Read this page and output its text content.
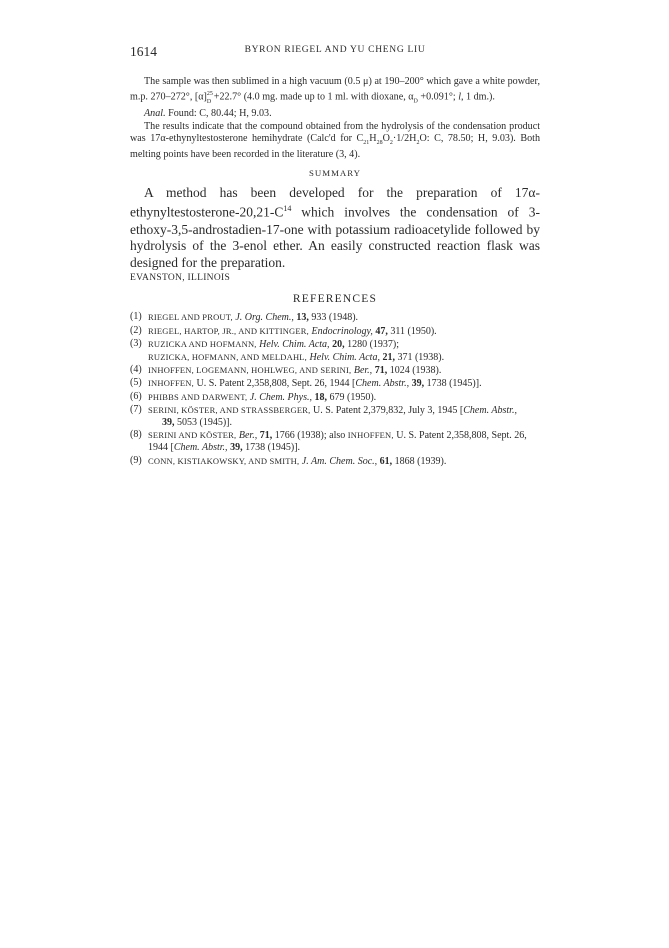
1614	BYRON RIEGEL AND YU CHENG LIU

The sample was then sublimed in a high vacuum (0.5 μ) at 190–200° which gave a white powder, m.p. 270–272°, $[\alpha]^{25}_D +22.7^\circ$ (4.0 mg. made up to 1 ml. with dioxane, $\alpha_D +0.091^\circ$; l, 1 dm.).

Anal. Found: C, 80.44; H, 9.03.

The results indicate that the compound obtained from the hydrolysis of the condensation product was 17α-ethynyltestosterone hemihydrate (Calc'd for $C_{21}H_{28}O_2\cdot 1/2H_2O$: C, 78.50; H, 9.03). Both melting points have been recorded in the literature (3, 4).

SUMMARY

A method has been developed for the preparation of $17\alpha-ethynyltestosterone-20,21-C^{14}$ which involves the condensation of 3-ethoxy-3,5-androstadien-17-one with potassium radioacetylide followed by hydrolysis of the 3-enol ether. An easily constructed reaction flask was designed for the preparation.

EVANSTON, ILLINOIS
REFERENCES
(1) RIEGEL AND PROUT, J. Org. Chem., 13, 933 (1948).
(2) RIEGEL, HARTOP, JR., AND KITTINGER, Endocrinology, 47, 311 (1950).
(3) RUZICKA AND HOFMANN, Helv. Chim. Acta, 20, 1280 (1937);
RUZICKA, HOFMANN, AND MELDAHL, Helv. Chim. Acta, 21, 371 (1938).
(4) INHOFFEN, LOGEMANN, HOHLWEG, AND SERINI, Ber., 71, 1024 (1938).
(5) INHOFFEN, U. S. Patent 2,358,808, Sept. 26, 1944 [Chem. Abstr., 39, 1738 (1945)].
(6) PHIBBS AND DARWENT, J. Chem. Phys., 18, 679 (1950).
(7) SERINI, KÖSTER, AND STRASSBERGER, U. S. Patent 2,379,832, July 3, 1945 [Chem. Abstr.,
39, 5053 (1945)].
(8) SERINI AND KÖSTER, Ber., 71, 1766 (1938); also INHOFFEN, U. S. Patent 2,358,808, Sept. 26, 1944 [Chem. Abstr., 39, 1738 (1945)].
(9) CONN, KISTIAKOWSKY, AND SMITH, J. Am. Chem. Soc., 61, 1868 (1939).
